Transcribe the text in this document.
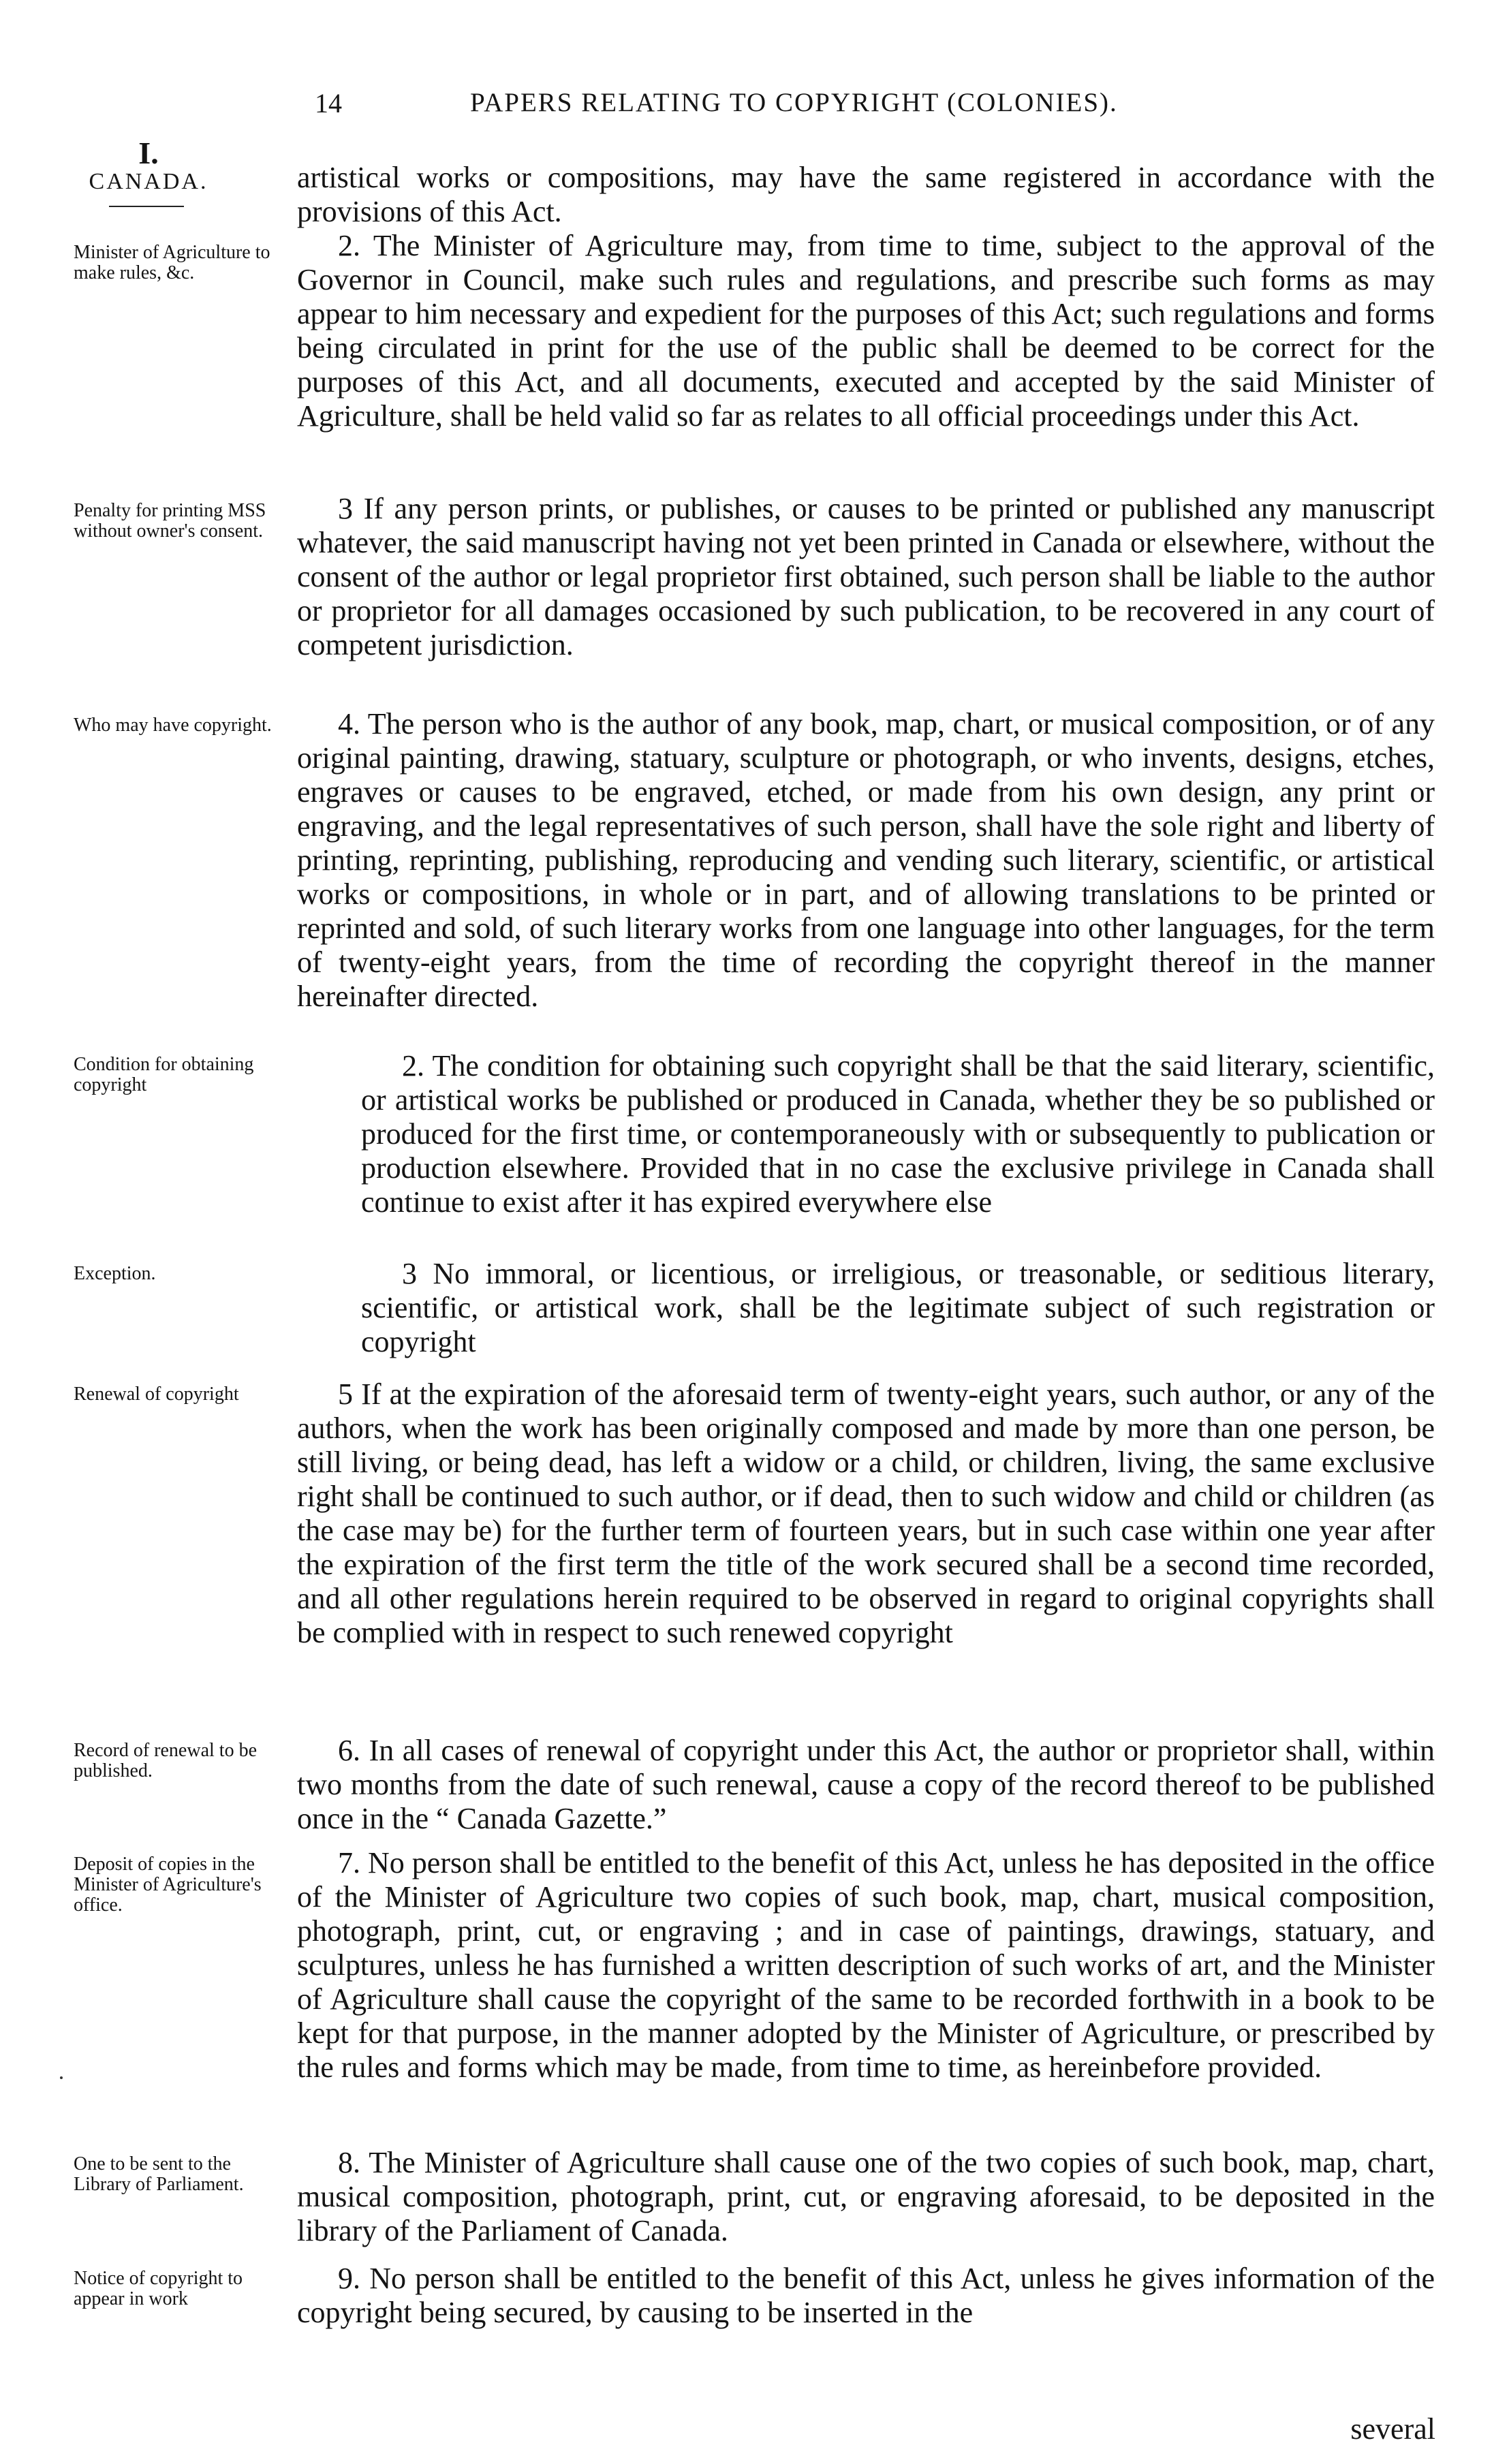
14	PAPERS RELATING TO COPYRIGHT (COLONIES).
I.
CANADA.
Minister of Agriculture to make rules, &c.
Penalty for printing MSS without owner's consent.
Who may have copyright.
Condition for obtaining copyright
Exception.
Renewal of copyright
Record of renewal to be published.
Deposit of copies in the Minister of Agriculture's office.
One to be sent to the Library of Parliament.
Notice of copyright to appear in work

artistical works or compositions, may have the same registered in accordance with the provisions of this Act.

2. The Minister of Agriculture may, from time to time, subject to the approval of the Governor in Council, make such rules and regulations, and prescribe such forms as may appear to him necessary and expedient for the purposes of this Act; such regulations and forms being circulated in print for the use of the public shall be deemed to be correct for the purposes of this Act, and all documents, executed and accepted by the said Minister of Agriculture, shall be held valid so far as relates to all official proceedings under this Act.

3 If any person prints, or publishes, or causes to be printed or published any manuscript whatever, the said manuscript having not yet been printed in Canada or elsewhere, without the consent of the author or legal proprietor first obtained, such person shall be liable to the author or proprietor for all damages occasioned by such publication, to be recovered in any court of competent jurisdiction.

4. The person who is the author of any book, map, chart, or musical composition, or of any original painting, drawing, statuary, sculpture or photograph, or who invents, designs, etches, engraves or causes to be engraved, etched, or made from his own design, any print or engraving, and the legal representatives of such person, shall have the sole right and liberty of printing, reprinting, publishing, reproducing and vending such literary, scientific, or artistical works or compositions, in whole or in part, and of allowing translations to be printed or reprinted and sold, of such literary works from one language into other languages, for the term of twenty-eight years, from the time of recording the copyright thereof in the manner hereinafter directed.

2. The condition for obtaining such copyright shall be that the said literary, scientific, or artistical works be published or produced in Canada, whether they be so published or produced for the first time, or contemporaneously with or subsequently to publication or production elsewhere. Provided that in no case the exclusive privilege in Canada shall continue to exist after it has expired everywhere else

3 No immoral, or licentious, or irreligious, or treasonable, or seditious literary, scientific, or artistical work, shall be the legitimate subject of such registration or copyright

5 If at the expiration of the aforesaid term of twenty-eight years, such author, or any of the authors, when the work has been originally composed and made by more than one person, be still living, or being dead, has left a widow or a child, or children, living, the same exclusive right shall be continued to such author, or if dead, then to such widow and child or children (as the case may be) for the further term of fourteen years, but in such case within one year after the expiration of the first term the title of the work secured shall be a second time recorded, and all other regulations herein required to be observed in regard to original copyrights shall be complied with in respect to such renewed copyright

6. In all cases of renewal of copyright under this Act, the author or proprietor shall, within two months from the date of such renewal, cause a copy of the record thereof to be published once in the “ Canada Gazette.”

7. No person shall be entitled to the benefit of this Act, unless he has deposited in the office of the Minister of Agriculture two copies of such book, map, chart, musical composition, photograph, print, cut, or engraving ; and in case of paintings, drawings, statuary, and sculptures, unless he has furnished a written description of such works of art, and the Minister of Agriculture shall cause the copyright of the same to be recorded forthwith in a book to be kept for that purpose, in the manner adopted by the Minister of Agriculture, or prescribed by the rules and forms which may be made, from time to time, as hereinbefore provided.

8. The Minister of Agriculture shall cause one of the two copies of such book, map, chart, musical composition, photograph, print, cut, or engraving aforesaid, to be deposited in the library of the Parliament of Canada.

9. No person shall be entitled to the benefit of this Act, unless he gives information of the copyright being secured, by causing to be inserted in the

several
